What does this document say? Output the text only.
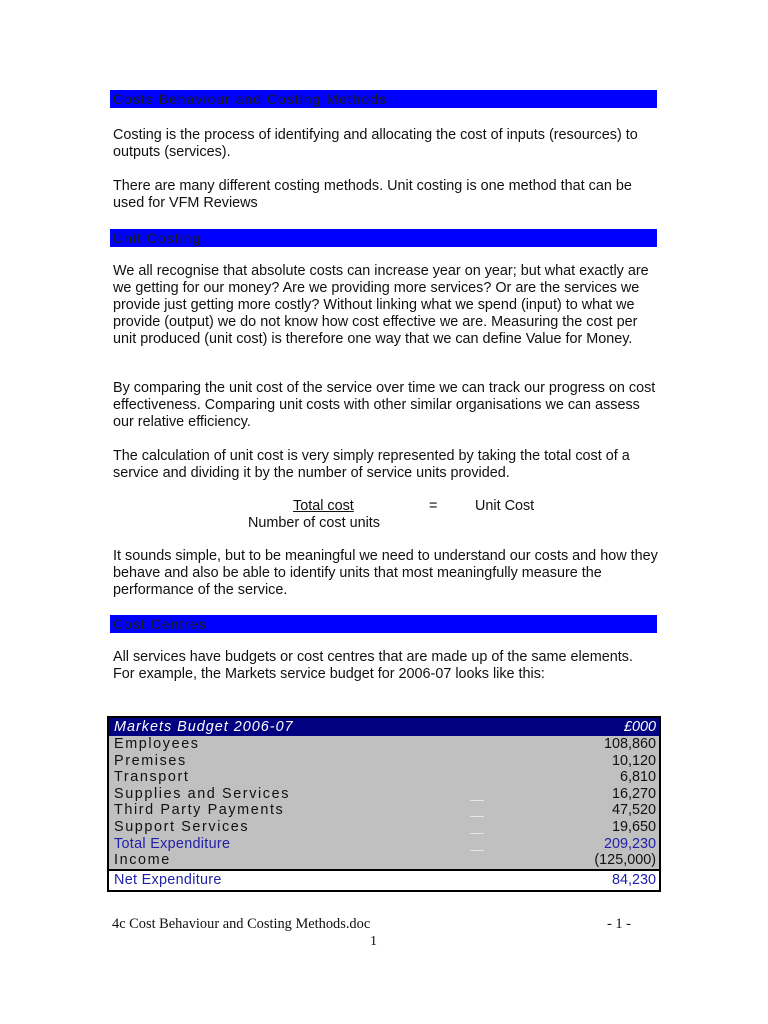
Costs Behaviour and Costing Methods

Costing is the process of identifying and allocating the cost of inputs (resources) to outputs (services).

There are many different costing methods. Unit costing is one method that can be used for VFM Reviews

Unit Costing

We all recognise that absolute costs can increase year on year; but what exactly are we getting for our money? Are we providing more services? Or are the services we provide just getting more costly? Without linking what we spend (input) to what we provide (output) we do not know how cost effective we are. Measuring the cost per unit produced (unit cost) is therefore one way that we can define Value for Money.

By comparing the unit cost of the service over time we can track our progress on cost effectiveness. Comparing unit costs with other similar organisations we can assess our relative efficiency.

The calculation of unit cost is very simply represented by taking the total cost of a service and dividing it by the number of service units provided.

Total cost	=	Unit Cost
Number of cost units

It sounds simple, but to be meaningful we need to understand our costs and how they behave and also be able to identify units that most meaningfully measure the performance of the service.

Cost Centres

All services have budgets or cost centres that are made up of the same elements. For example, the Markets service budget for 2006-07 looks like this:

Markets Budget 2006-07	£000
Employees	108,860
Premises	10,120
Transport	6,810
Supplies and Services	16,270
Third Party Payments	47,520
Support Services	19,650
Total Expenditure	209,230
Income	(125,000)
Net Expenditure	84,230
4c Cost Behaviour and Costing Methods.doc	- 1 -
1
